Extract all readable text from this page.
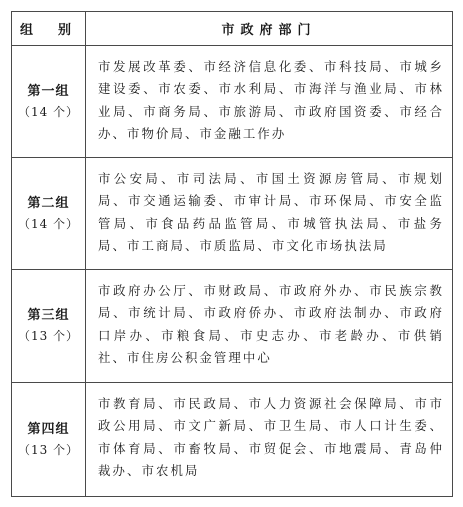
组　别	市政府部门

第一组
（14 个）	市发展改革委、市经济信息化委、市科技局、市城乡建设委、市农委、市水利局、市海洋与渔业局、市林业局、市商务局、市旅游局、市政府国资委、市经合办、市物价局、市金融工作办

第二组
（14 个）	市公安局、市司法局、市国土资源房管局、市规划局、市交通运输委、市审计局、市环保局、市安全监管局、市食品药品监管局、市城管执法局、市盐务局、市工商局、市质监局、市文化市场执法局

第三组
（13 个）	市政府办公厅、市财政局、市政府外办、市民族宗教局、市统计局、市政府侨办、市政府法制办、市政府口岸办、市粮食局、市史志办、市老龄办、市供销社、市住房公积金管理中心

第四组
（13 个）	市教育局、市民政局、市人力资源社会保障局、市市政公用局、市文广新局、市卫生局、市人口计生委、市体育局、市畜牧局、市贸促会、市地震局、青岛仲裁办、市农机局
